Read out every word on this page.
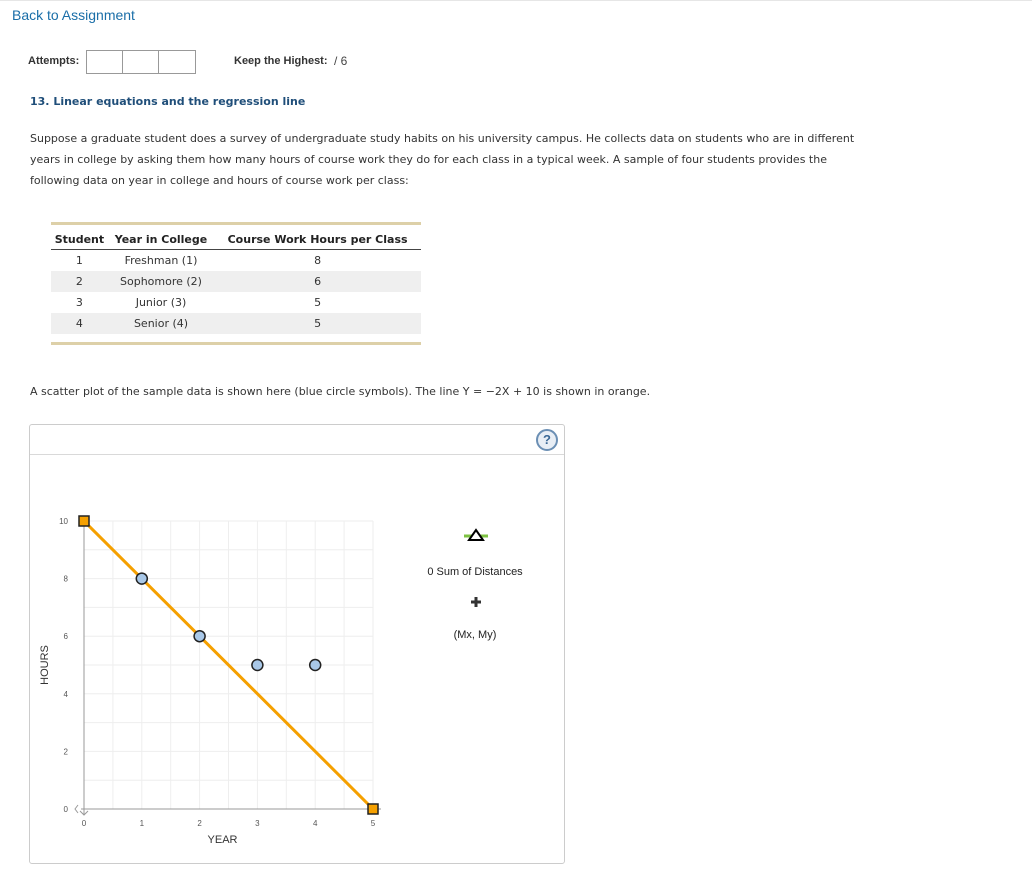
Back to Assignment
Attempts:	Keep the Highest: / 6
13. Linear equations and the regression line
Suppose a graduate student does a survey of undergraduate study habits on his university campus. He collects data on students who are in different years in college by asking them how many hours of course work they do for each class in a typical week. A sample of four students provides the following data on year in college and hours of course work per class:

Student	Year in College	Course Work Hours per Class
1	Freshman (1)	8
2	Sophomore (2)	6
3	Junior (3)	5
4	Senior (4)	5

A scatter plot of the sample data is shown here (blue circle symbols). The line Y = −2X + 10 is shown in orange.
?
0	1	2	3	4	5
0
2
4
6
8
10
YEAR
HOURS
0 Sum of Distances
(Mx, My)
